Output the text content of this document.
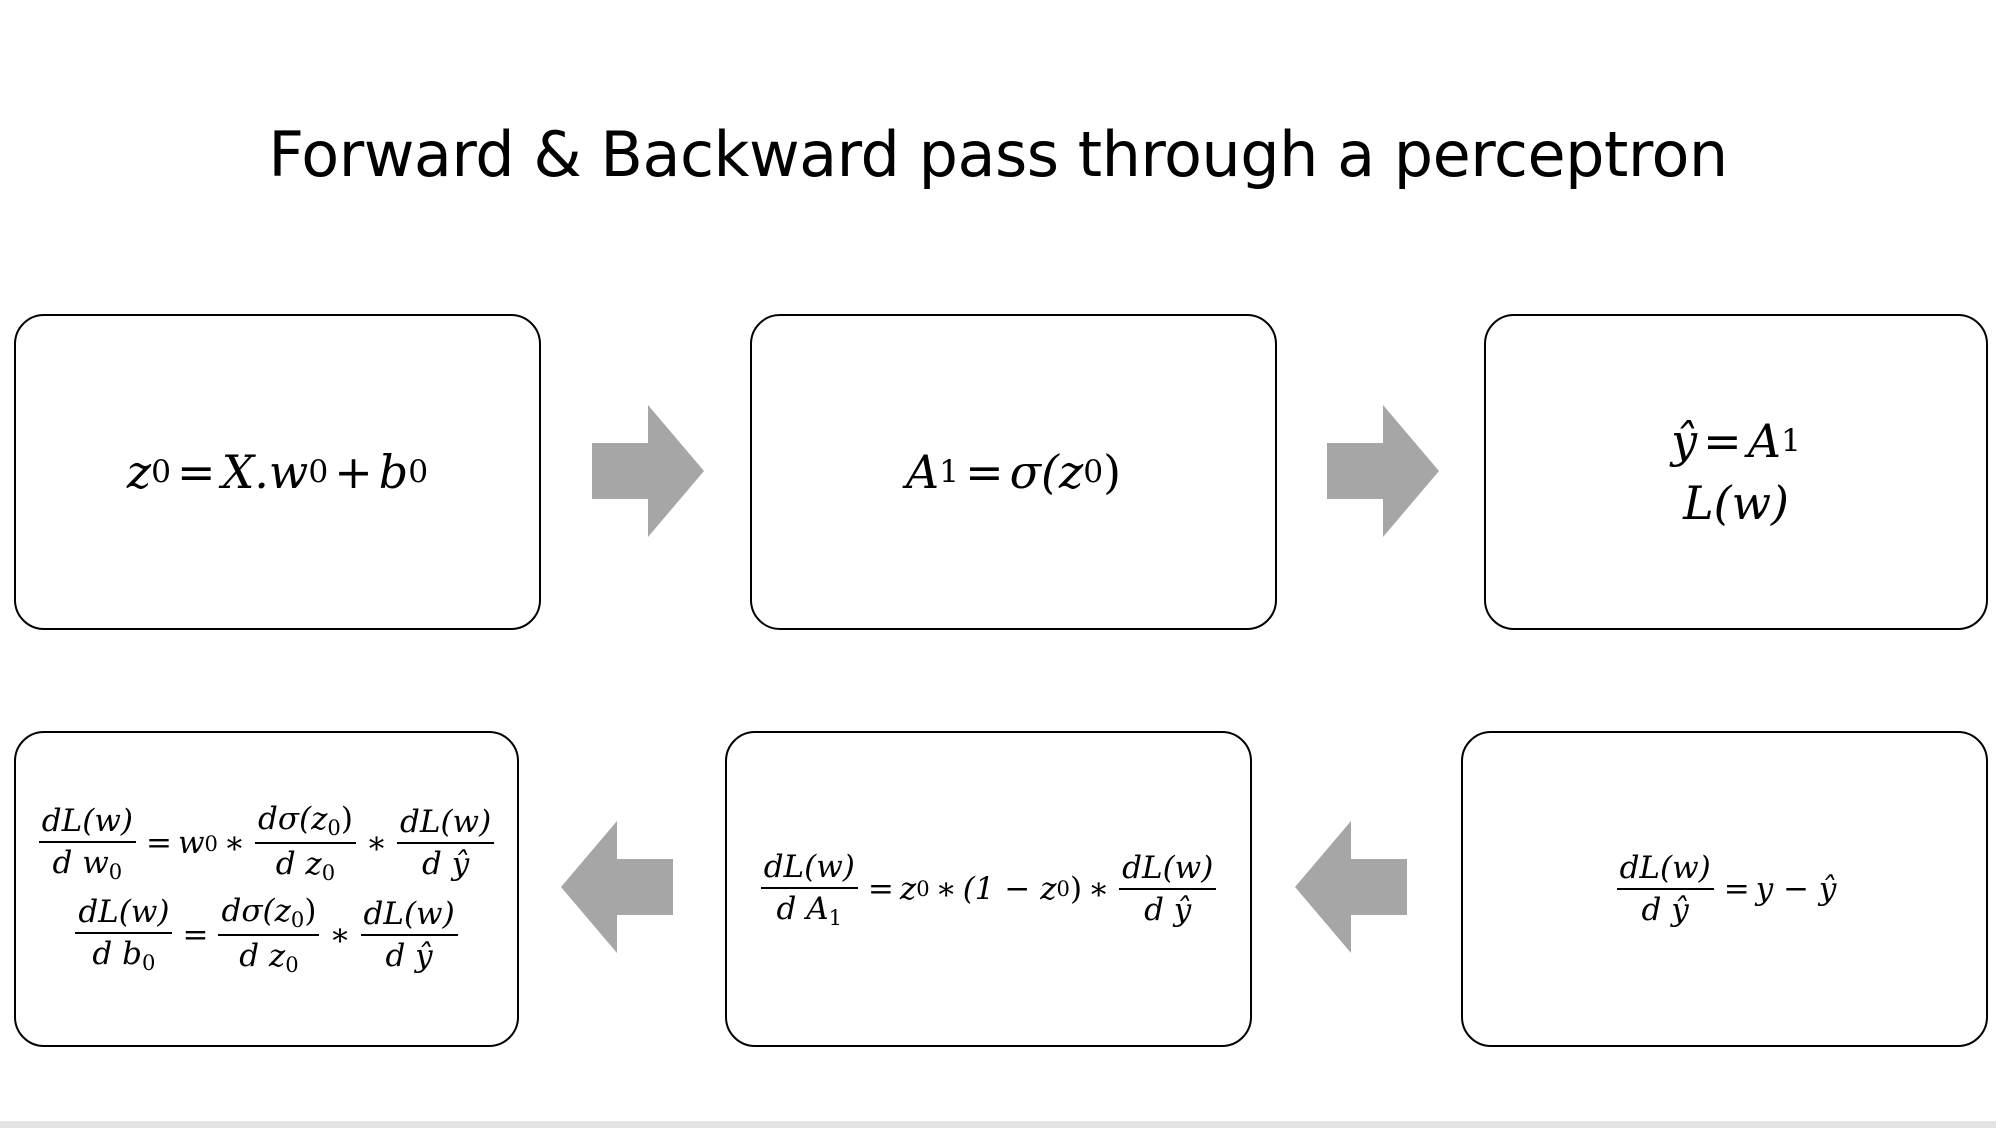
Forward & Backward pass through a perceptron
z 0 = X.w 0 + b 0	A 1 = σ(z 0 )
ŷ = A 1
L(w)
$\frac{dL(w)}{d w_0} = w$ 0 ∗ $\frac{d\sigma(z_0)}{d z_0}$ ∗ $\frac{dL(w)}{\text{d ŷ}}$
$\frac{dL(w)}{d b_0} = \frac{d\sigma(z_0)}{d z_0}$ ∗ $\frac{dL(w)}{\text{d ŷ}}$
$\frac{dL(w)}{d A_1} = z$ 0 ∗ (1 − z 0 ) ∗ $\frac{dL(w)}{\text{d ŷ}}$	$\frac{dL(w)}{\text{d ŷ}} = y$ − ŷ
